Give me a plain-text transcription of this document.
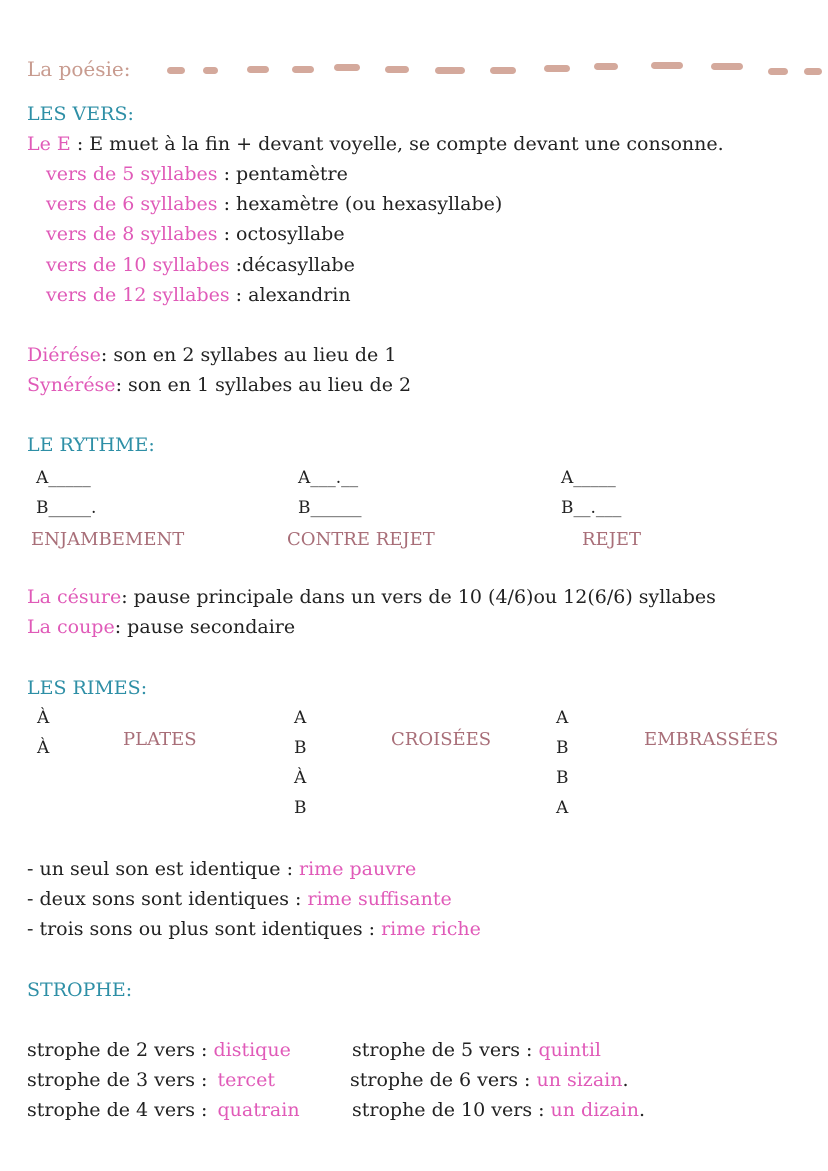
La poésie:
LES VERS:
Le E : E muet à la fin + devant voyelle, se compte devant une consonne.
vers de 5 syllabes : pentamètre
vers de 6 syllabes : hexamètre (ou hexasyllabe)
vers de 8 syllabes : octosyllabe
vers de 10 syllabes :décasyllabe
vers de 12 syllabes : alexandrin
Diérése: son en 2 syllabes au lieu de 1
Synérése: son en 1 syllabes au lieu de 2
LE RYTHME:
A_____
B_____.
ENJAMBEMENT
A___.__
B______
CONTRE REJET
A_____
B__.___
REJET
La césure: pause principale dans un vers de 10 (4/6)ou 12(6/6) syllabes
La coupe: pause secondaire
LES RIMES:
À
À	PLATES
A
B
À
B
CROISÉES
A
B
B
A
EMBRASSÉES
- un seul son est identique : rime pauvre
- deux sons sont identiques : rime suffisante
- trois sons ou plus sont identiques : rime riche
STROPHE:
strophe de 2 vers : distique
strophe de 3 vers : tercet
strophe de 4 vers : quatrain
strophe de 5 vers : quintil
strophe de 6 vers : un sizain.
strophe de 10 vers : un dizain.
